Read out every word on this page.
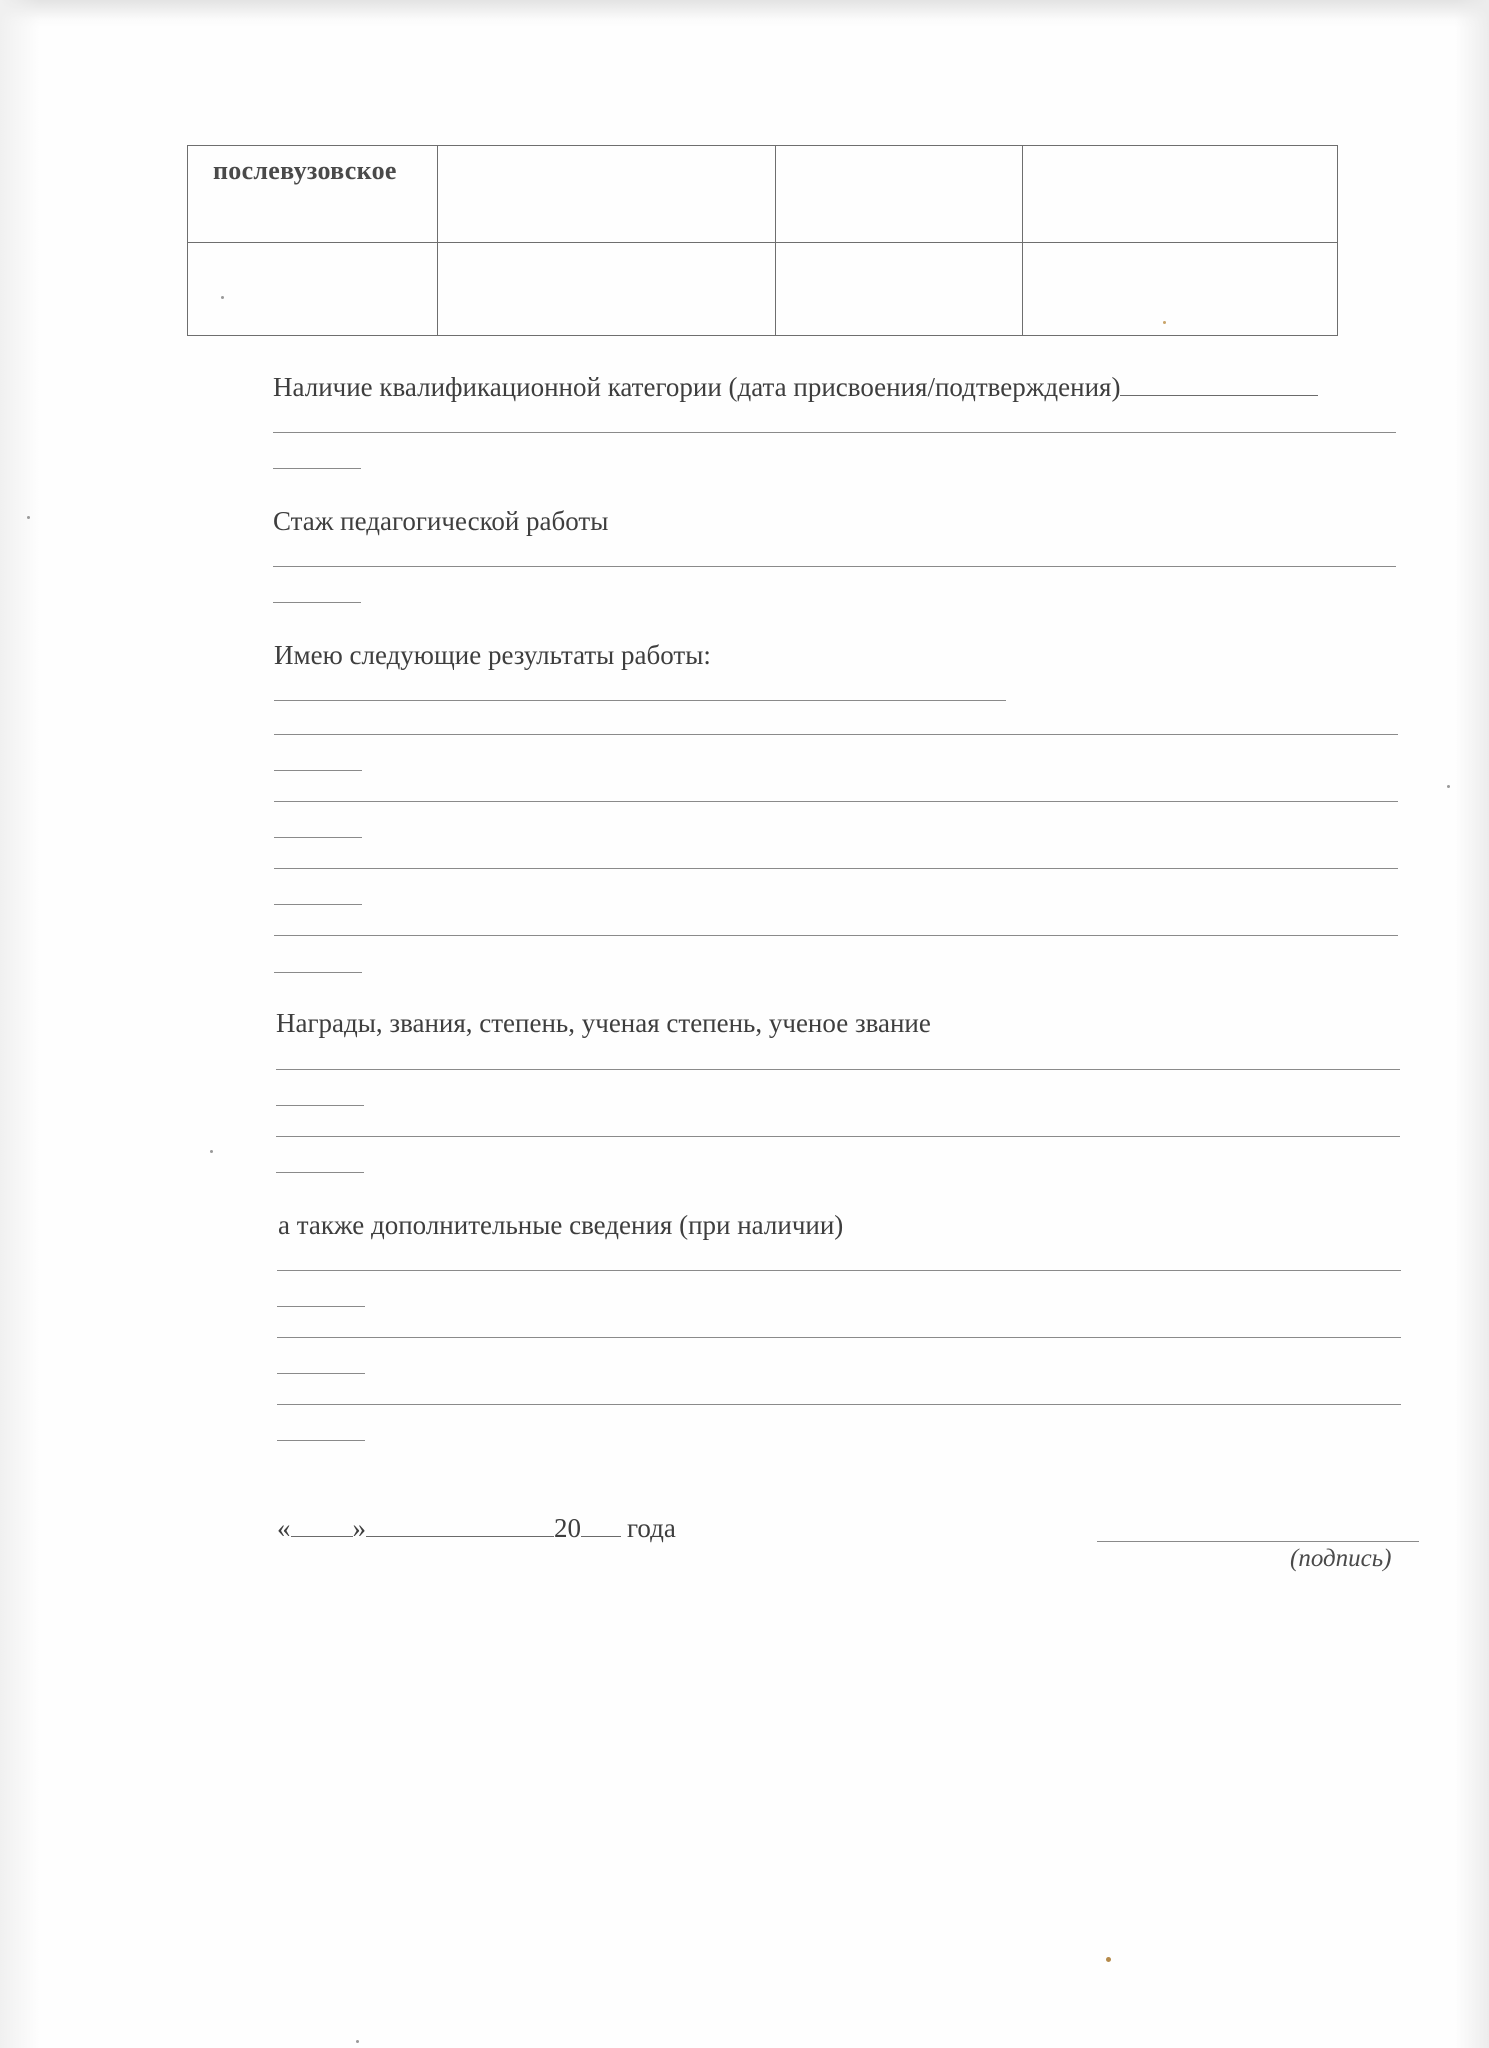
послевузовское			

Наличие квалификационной категории (дата присвоения/подтверждения)
Стаж педагогической работы
Имею следующие результаты работы:
Награды, звания, степень, ученая степень, ученое звание
а также дополнительные сведения (при наличии)
« »	20 года
(подпись)
